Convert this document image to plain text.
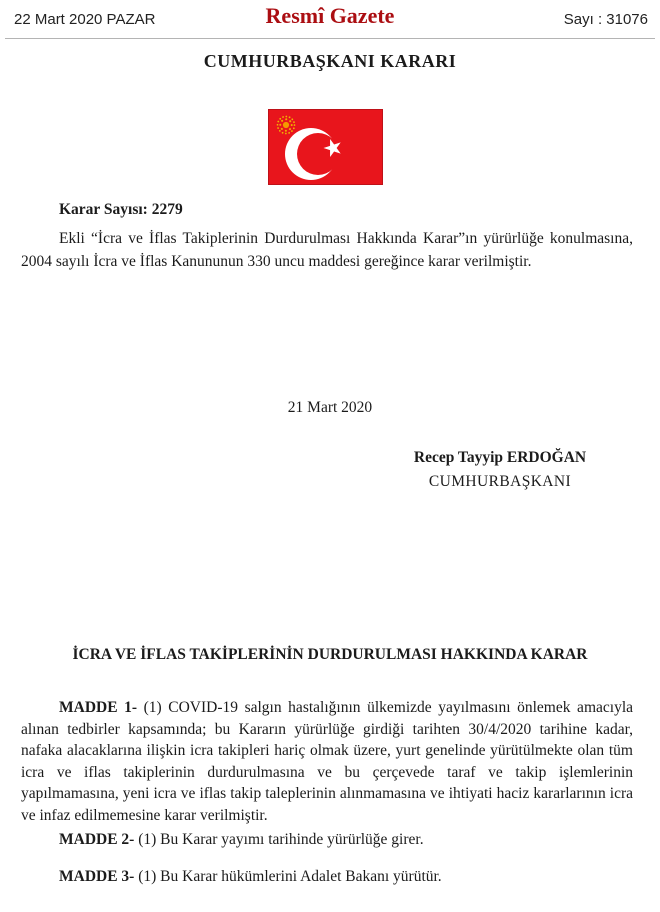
22 Mart 2020 PAZAR	Resmî Gazete	Sayı : 31076
CUMHURBAŞKANI KARARI
Karar Sayısı: 2279

Ekli “İcra ve İflas Takiplerinin Durdurulması Hakkında Karar”ın yürürlüğe konulmasına, 2004 sayılı İcra ve İflas Kanununun 330 uncu maddesi gereğince karar verilmiştir.

21 Mart 2020
Recep Tayyip ERDOĞAN
CUMHURBAŞKANI

İCRA VE İFLAS TAKİPLERİNİN DURDURULMASI HAKKINDA KARAR

MADDE 1- (1) COVID-19 salgın hastalığının ülkemizde yayılmasını önlemek amacıyla alınan tedbirler kapsamında; bu Kararın yürürlüğe girdiği tarihten 30/4/2020 tarihine kadar, nafaka alacaklarına ilişkin icra takipleri hariç olmak üzere, yurt genelinde yürütülmekte olan tüm icra ve iflas takiplerinin durdurulmasına ve bu çerçevede taraf ve takip işlemlerinin yapılmamasına, yeni icra ve iflas takip taleplerinin alınmamasına ve ihtiyati haciz kararlarının icra ve infaz edilmemesine karar verilmiştir.

MADDE 2- (1) Bu Karar yayımı tarihinde yürürlüğe girer.

MADDE 3- (1) Bu Karar hükümlerini Adalet Bakanı yürütür.
